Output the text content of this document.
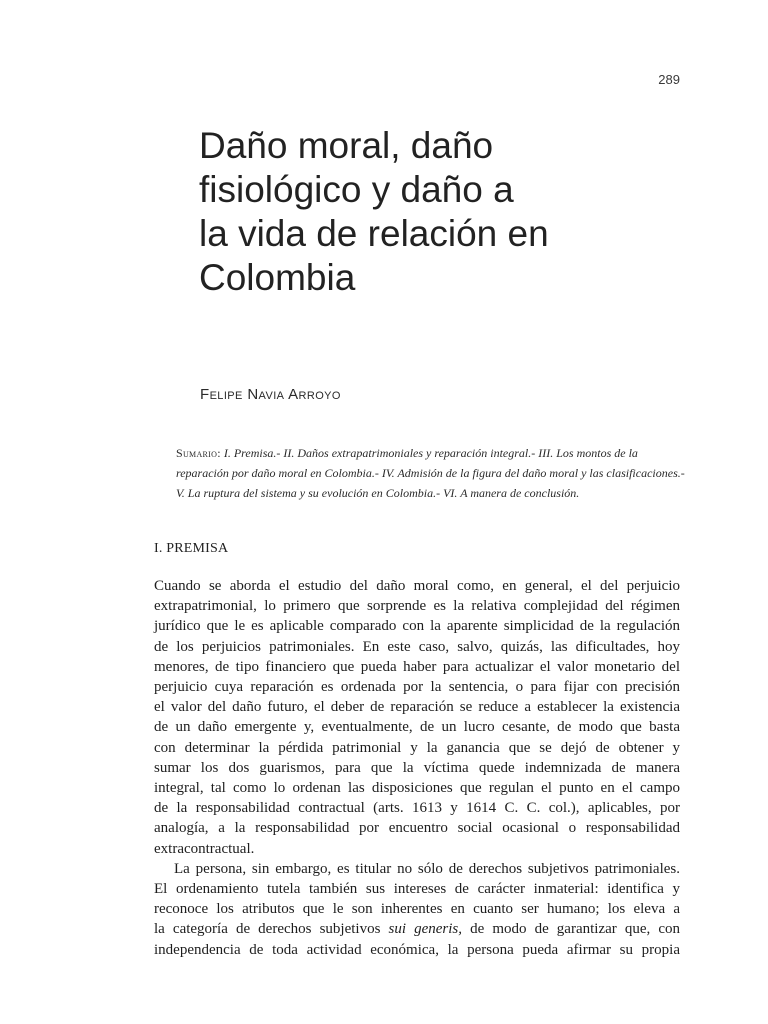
289
Daño moral, daño
fisiológico y daño a
la vida de relación en
Colombia
Felipe Navia Arroyo
Sumario: I. Premisa.- II. Daños extrapatrimoniales y reparación integral.- III. Los montos de la
reparación por daño moral en Colombia.- IV. Admisión de la figura del daño moral y las clasificaciones.-
V. La ruptura del sistema y su evolución en Colombia.- VI. A manera de conclusión.
I. PREMISA
Cuando se aborda el estudio del daño moral como, en general, el del perjuicio
extrapatrimonial, lo primero que sorprende es la relativa complejidad del régimen
jurídico que le es aplicable comparado con la aparente simplicidad de la regulación
de los perjuicios patrimoniales. En este caso, salvo, quizás, las dificultades, hoy
menores, de tipo financiero que pueda haber para actualizar el valor monetario del
perjuicio cuya reparación es ordenada por la sentencia, o para fijar con precisión
el valor del daño futuro, el deber de reparación se reduce a establecer la existencia
de un daño emergente y, eventualmente, de un lucro cesante, de modo que basta
con determinar la pérdida patrimonial y la ganancia que se dejó de obtener y
sumar los dos guarismos, para que la víctima quede indemnizada de manera
integral, tal como lo ordenan las disposiciones que regulan el punto en el campo
de la responsabilidad contractual (arts. 1613 y 1614 C. C. col.), aplicables, por
analogía, a la responsabilidad por encuentro social ocasional o responsabilidad
extracontractual.
La persona, sin embargo, es titular no sólo de derechos subjetivos patrimoniales.
El ordenamiento tutela también sus intereses de carácter inmaterial: identifica y
reconoce los atributos que le son inherentes en cuanto ser humano; los eleva a
la categoría de derechos subjetivos sui generis, de modo de garantizar que, con
independencia de toda actividad económica, la persona pueda afirmar su propia
